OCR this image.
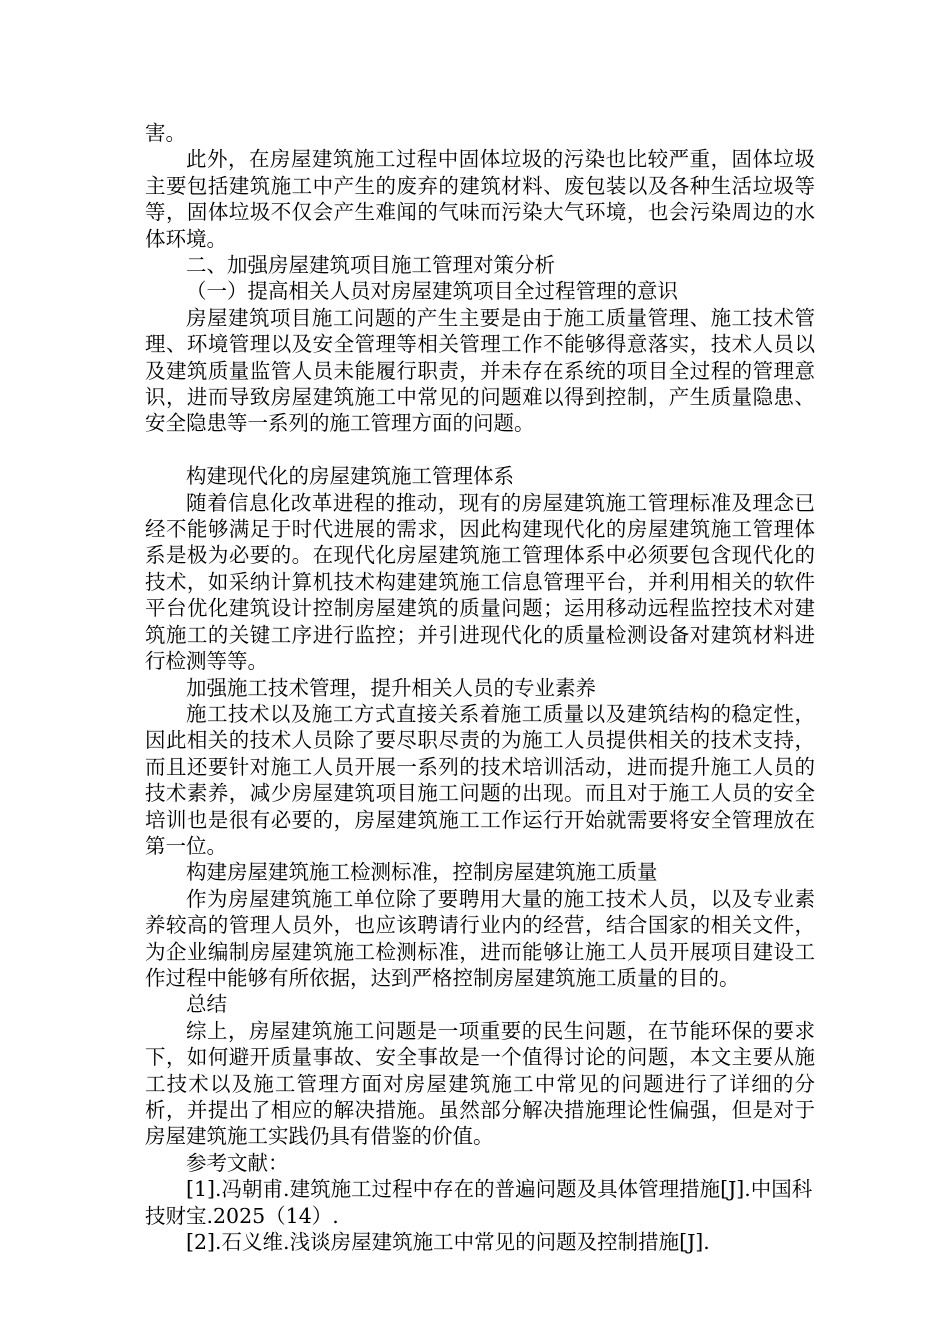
害。

此外，在房屋建筑施工过程中固体垃圾的污染也比较严重，固体垃圾主要包括建筑施工中产生的废弃的建筑材料、废包装以及各种生活垃圾等等，固体垃圾不仅会产生难闻的气味而污染大气环境，也会污染周边的水体环境。

二、加强房屋建筑项目施工管理对策分析

（一）提高相关人员对房屋建筑项目全过程管理的意识

房屋建筑项目施工问题的产生主要是由于施工质量管理、施工技术管理、环境管理以及安全管理等相关管理工作不能够得意落实，技术人员以及建筑质量监管人员未能履行职责，并未存在系统的项目全过程的管理意识，进而导致房屋建筑施工中常见的问题难以得到控制，产生质量隐患、安全隐患等一系列的施工管理方面的问题。

构建现代化的房屋建筑施工管理体系

随着信息化改革进程的推动，现有的房屋建筑施工管理标准及理念已经不能够满足于时代进展的需求，因此构建现代化的房屋建筑施工管理体系是极为必要的。在现代化房屋建筑施工管理体系中必须要包含现代化的技术，如采纳计算机技术构建建筑施工信息管理平台，并利用相关的软件平台优化建筑设计控制房屋建筑的质量问题；运用移动远程监控技术对建筑施工的关键工序进行监控；并引进现代化的质量检测设备对建筑材料进行检测等等。

加强施工技术管理，提升相关人员的专业素养

施工技术以及施工方式直接关系着施工质量以及建筑结构的稳定性，因此相关的技术人员除了要尽职尽责的为施工人员提供相关的技术支持，而且还要针对施工人员开展一系列的技术培训活动，进而提升施工人员的技术素养，减少房屋建筑项目施工问题的出现。而且对于施工人员的安全培训也是很有必要的，房屋建筑施工工作运行开始就需要将安全管理放在第一位。

构建房屋建筑施工检测标准，控制房屋建筑施工质量

作为房屋建筑施工单位除了要聘用大量的施工技术人员，以及专业素养较高的管理人员外，也应该聘请行业内的经营，结合国家的相关文件，为企业编制房屋建筑施工检测标准，进而能够让施工人员开展项目建设工作过程中能够有所依据，达到严格控制房屋建筑施工质量的目的。

总结

综上，房屋建筑施工问题是一项重要的民生问题，在节能环保的要求下，如何避开质量事故、安全事故是一个值得讨论的问题，本文主要从施工技术以及施工管理方面对房屋建筑施工中常见的问题进行了详细的分析，并提出了相应的解决措施。虽然部分解决措施理论性偏强，但是对于房屋建筑施工实践仍具有借鉴的价值。

参考文献：

[1].冯朝甫.建筑施工过程中存在的普遍问题及具体管理措施[J].中国科技财宝.2025（14）.

[2].石义维.浅谈房屋建筑施工中常见的问题及控制措施[J].
